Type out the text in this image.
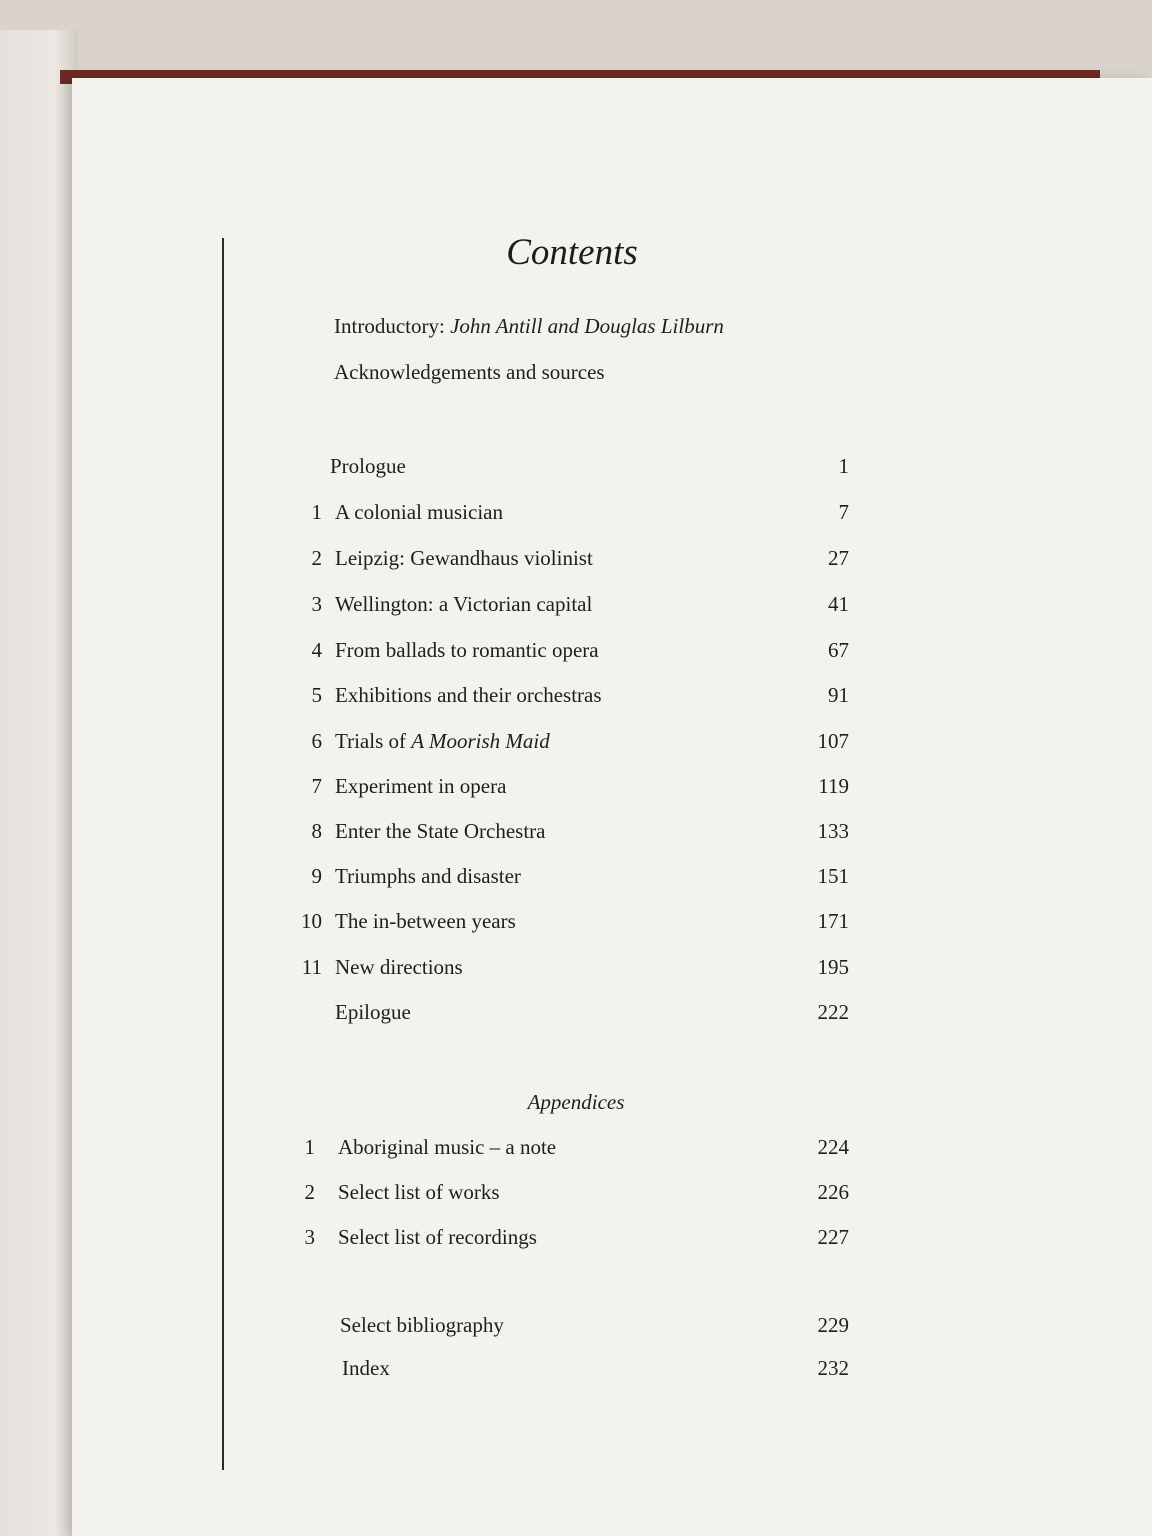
Contents
Introductory: John Antill and Douglas Lilburn
Acknowledgements and sources
Prologue	1
1 A colonial musician	7
2 Leipzig: Gewandhaus violinist	27
3 Wellington: a Victorian capital	41
4 From ballads to romantic opera	67
5 Exhibitions and their orchestras	91
6 Trials of A Moorish Maid	107
7 Experiment in opera	119
8 Enter the State Orchestra	133
9 Triumphs and disaster	151
10 The in-between years	171
11 New directions	195
Epilogue	222
Appendices
1 Aboriginal music – a note	224
2 Select list of works	226
3 Select list of recordings	227
Select bibliography	229
Index	232
